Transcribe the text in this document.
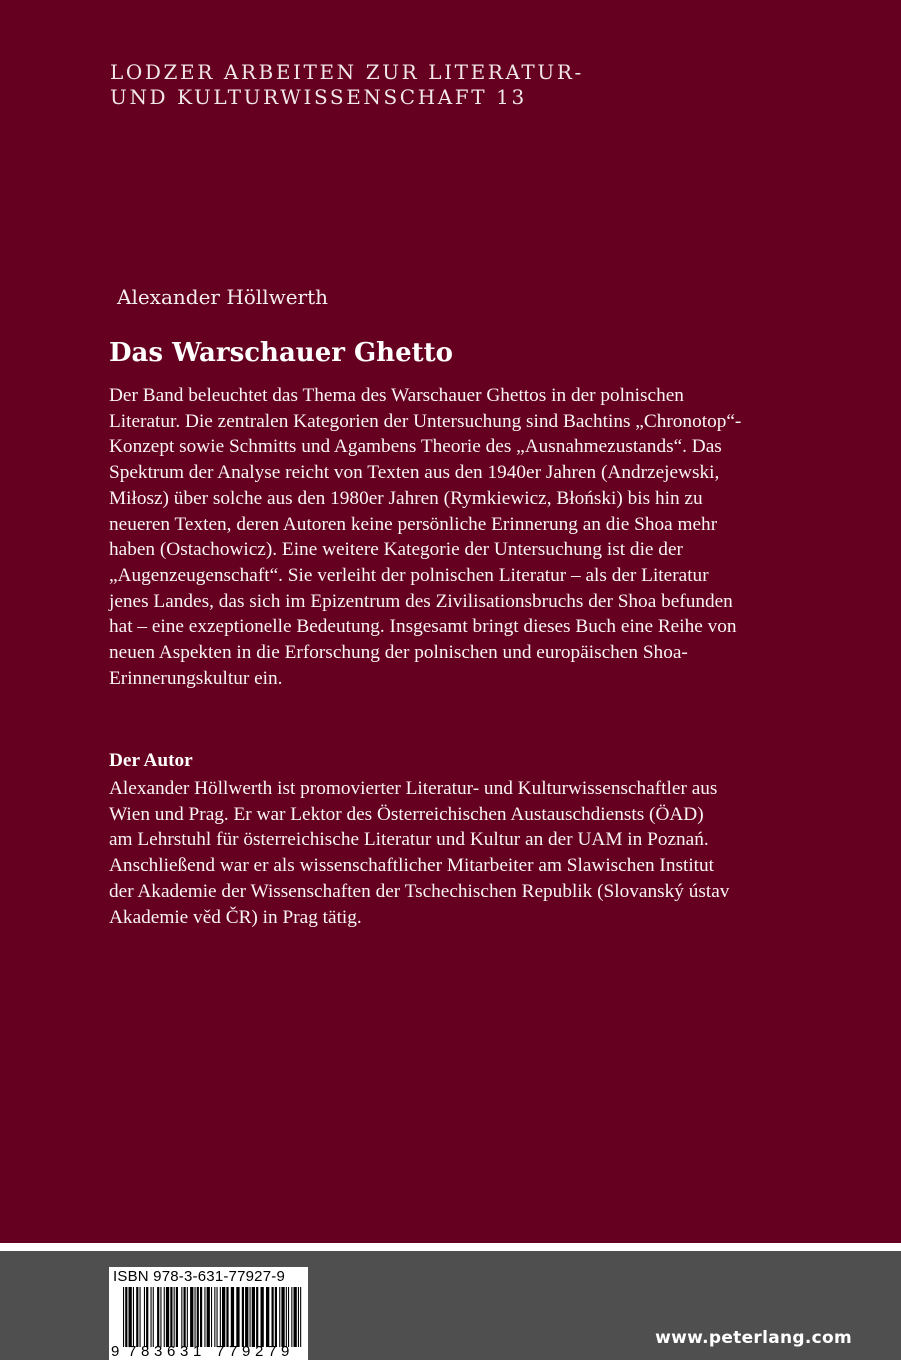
LODZER ARBEITEN ZUR LITERATUR-
UND KULTURWISSENSCHAFT 13
Alexander Höllwerth
Das Warschauer Ghetto
Der Band beleuchtet das Thema des Warschauer Ghettos in der polnischen
Literatur. Die zentralen Kategorien der Untersuchung sind Bachtins „Chronotop“-
Konzept sowie Schmitts und Agambens Theorie des „Ausnahmezustands“. Das
Spektrum der Analyse reicht von Texten aus den 1940er Jahren (Andrzejewski,
Miłosz) über solche aus den 1980er Jahren (Rymkiewicz, Błoński) bis hin zu
neueren Texten, deren Autoren keine persönliche Erinnerung an die Shoa mehr
haben (Ostachowicz). Eine weitere Kategorie der Untersuchung ist die der
„Augenzeugenschaft“. Sie verleiht der polnischen Literatur – als der Literatur
jenes Landes, das sich im Epizentrum des Zivilisationsbruchs der Shoa befunden
hat – eine exzeptionelle Bedeutung. Insgesamt bringt dieses Buch eine Reihe von
neuen Aspekten in die Erforschung der polnischen und europäischen Shoa-
Erinnerungskultur ein.
Der Autor
Alexander Höllwerth ist promovierter Literatur- und Kulturwissenschaftler aus
Wien und Prag. Er war Lektor des Österreichischen Austauschdiensts (ÖAD)
am Lehrstuhl für österreichische Literatur und Kultur an der UAM in Poznań.
Anschließend war er als wissenschaftlicher Mitarbeiter am Slawischen Institut
der Akademie der Wissenschaften der Tschechischen Republik (Slovanský ústav
Akademie věd ČR) in Prag tätig.
ISBN 978-3-631-77927-9
9 7 8 3 6 3 1 7 7 9 2 7 9
www.peterlang.com
